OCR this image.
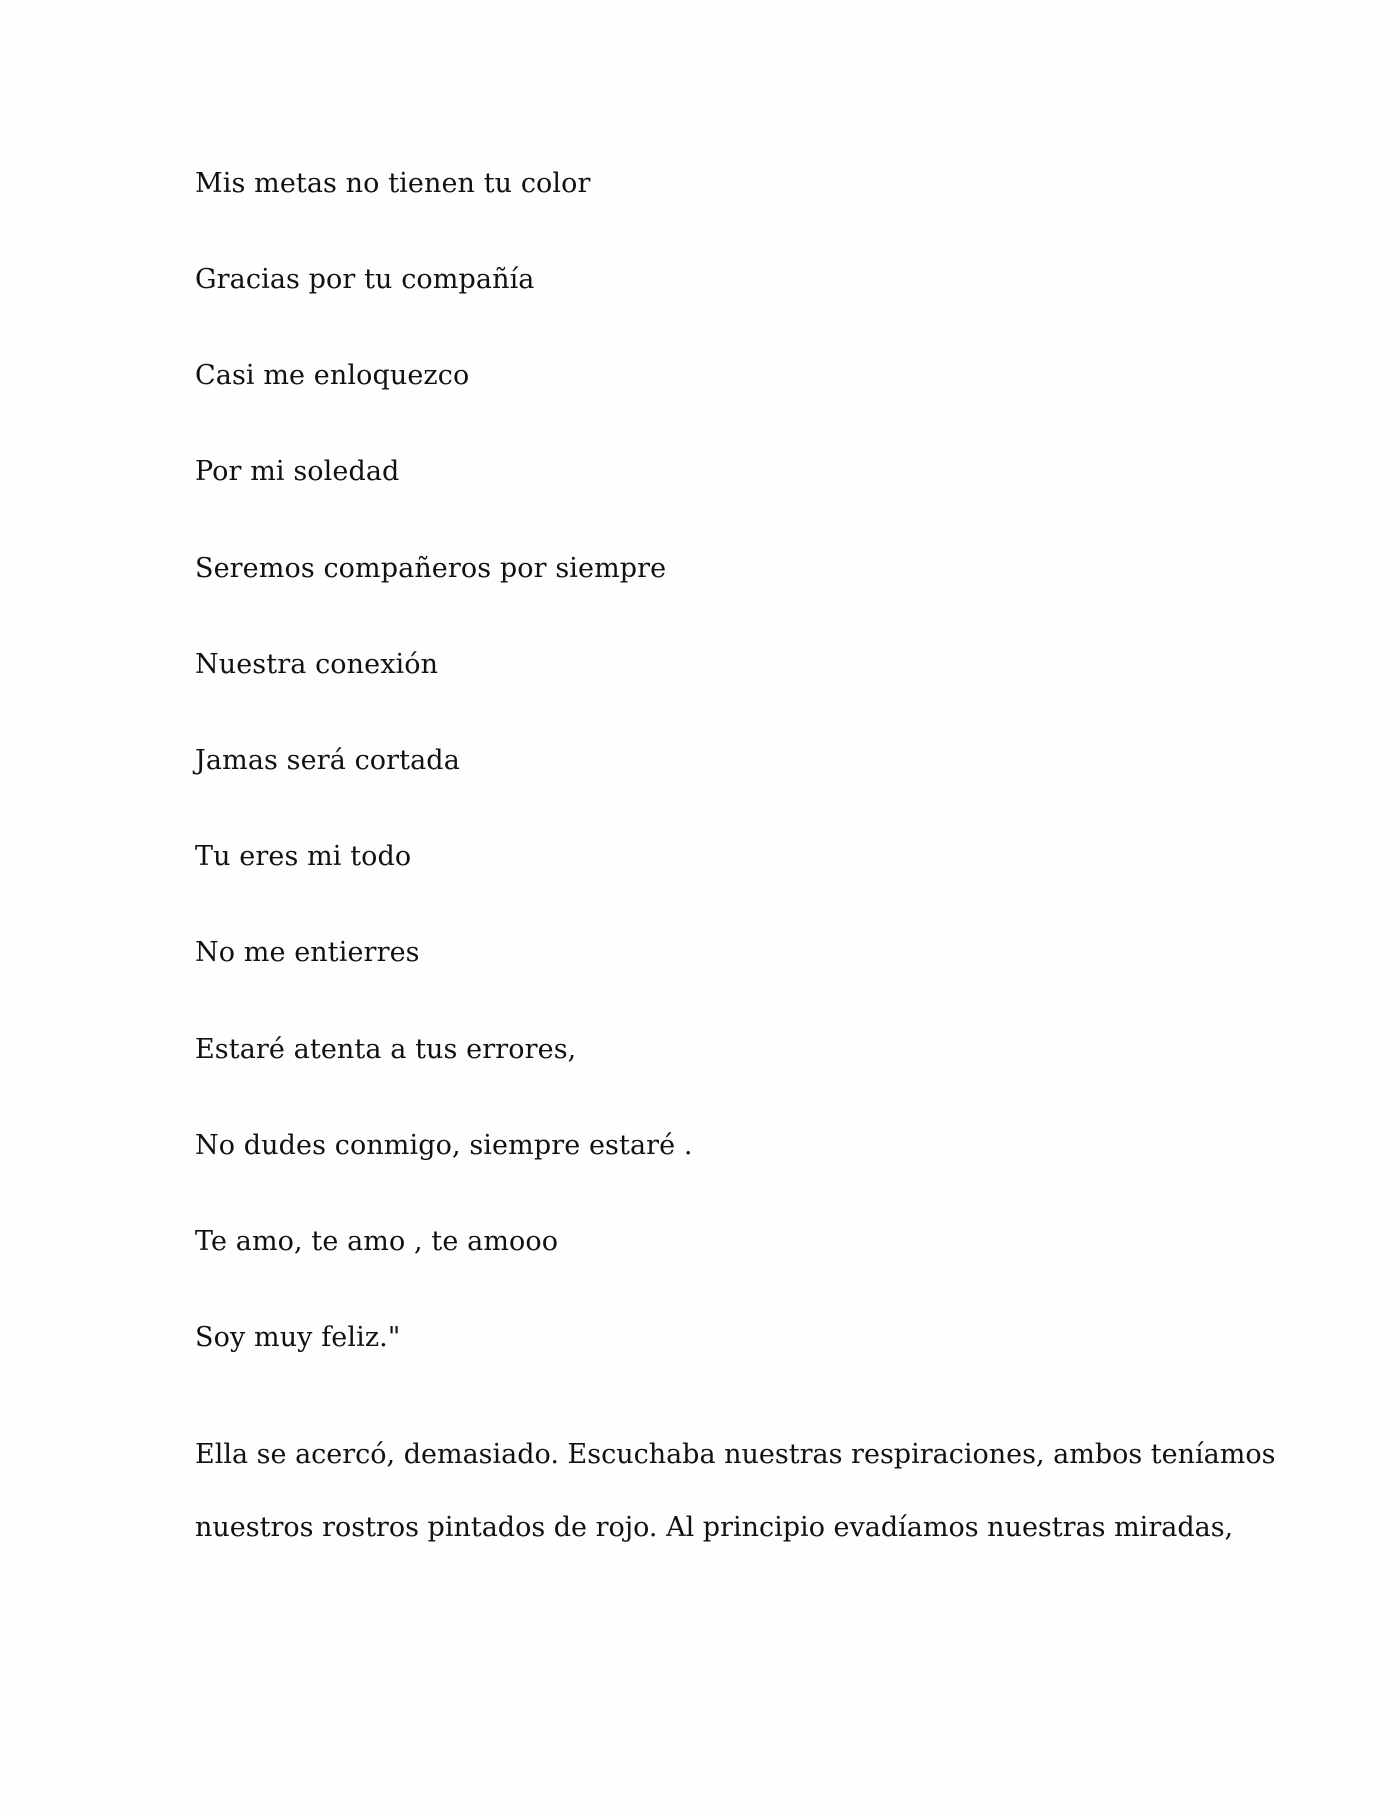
Mis metas no tienen tu color

Gracias por tu compañía

Casi me enloquezco

Por mi soledad

Seremos compañeros por siempre

Nuestra conexión

Jamas será cortada

Tu eres mi todo

No me entierres

Estaré atenta a tus errores,

No dudes conmigo, siempre estaré .

Te amo, te amo , te amooo

Soy muy feliz."

Ella se acercó, demasiado. Escuchaba nuestras respiraciones, ambos teníamos
nuestros rostros pintados de rojo. Al principio evadíamos nuestras miradas,
